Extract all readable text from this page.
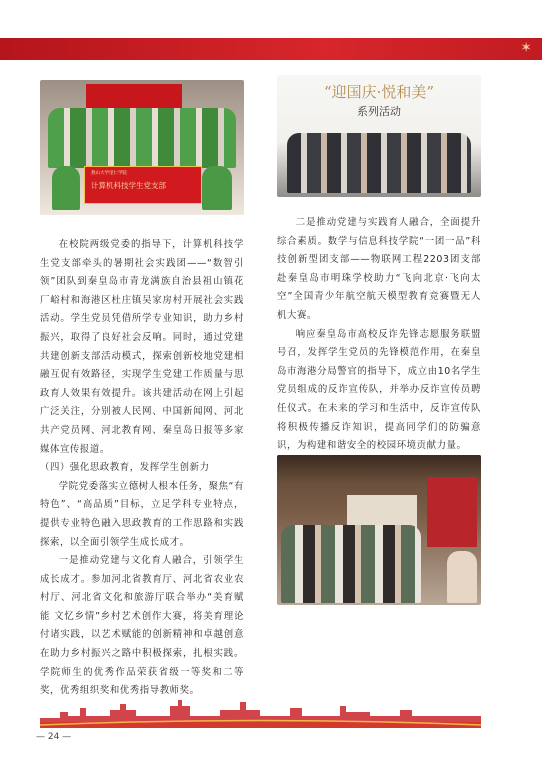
✶
燕山大学里仁学院
计算机科技学生党支部
“迎国庆·悦和美”
系列活动

在校院两级党委的指导下，计算机科技学生党支部牵头的暑期社会实践团——“数智引领”团队到秦皇岛市青龙满族自治县祖山镇花厂峪村和海港区杜庄镇吴家房村开展社会实践活动。学生党员凭借所学专业知识，助力乡村振兴，取得了良好社会反响。同时，通过党建共建创新支部活动模式，探索创新校地党建相融互促有效路径，实现学生党建工作质量与思政育人效果有效提升。该共建活动在网上引起广泛关注，分别被人民网、中国新闻网、河北共产党员网、河北教育网、秦皇岛日报等多家媒体宣传报道。

（四）强化思政教育，发挥学生创新力

学院党委落实立德树人根本任务，聚焦“有特色”、“高品质”目标，立足学科专业特点，提供专业特色融入思政教育的工作思路和实践探索，以全面引领学生成长成才。

一是推动党建与文化育人融合，引领学生成长成才。参加河北省教育厅、河北省农业农村厅、河北省文化和旅游厅联合举办“美育赋能 文忆乡情”乡村艺术创作大赛，将美育理论付诸实践，以艺术赋能的创新精神和卓越创意在助力乡村振兴之路中积极探索，扎根实践。学院师生的优秀作品荣获省级一等奖和二等奖，优秀组织奖和优秀指导教师奖。

二是推动党建与实践育人融合，全面提升综合素质。数学与信息科技学院“一团一品”科技创新型团支部——物联网工程2203团支部赴秦皇岛市明珠学校助力“飞向北京·飞向太空”全国青少年航空航天模型教育竞赛暨无人机大赛。

响应秦皇岛市高校反诈先锋志愿服务联盟号召，发挥学生党员的先锋模范作用，在秦皇岛市海港分局警官的指导下，成立由10名学生党员组成的反诈宣传队，并举办反诈宣传员聘任仪式。在未来的学习和生活中，反诈宣传队将积极传播反诈知识，提高同学们的防骗意识，为构建和谐安全的校园环境贡献力量。

— 24 —
